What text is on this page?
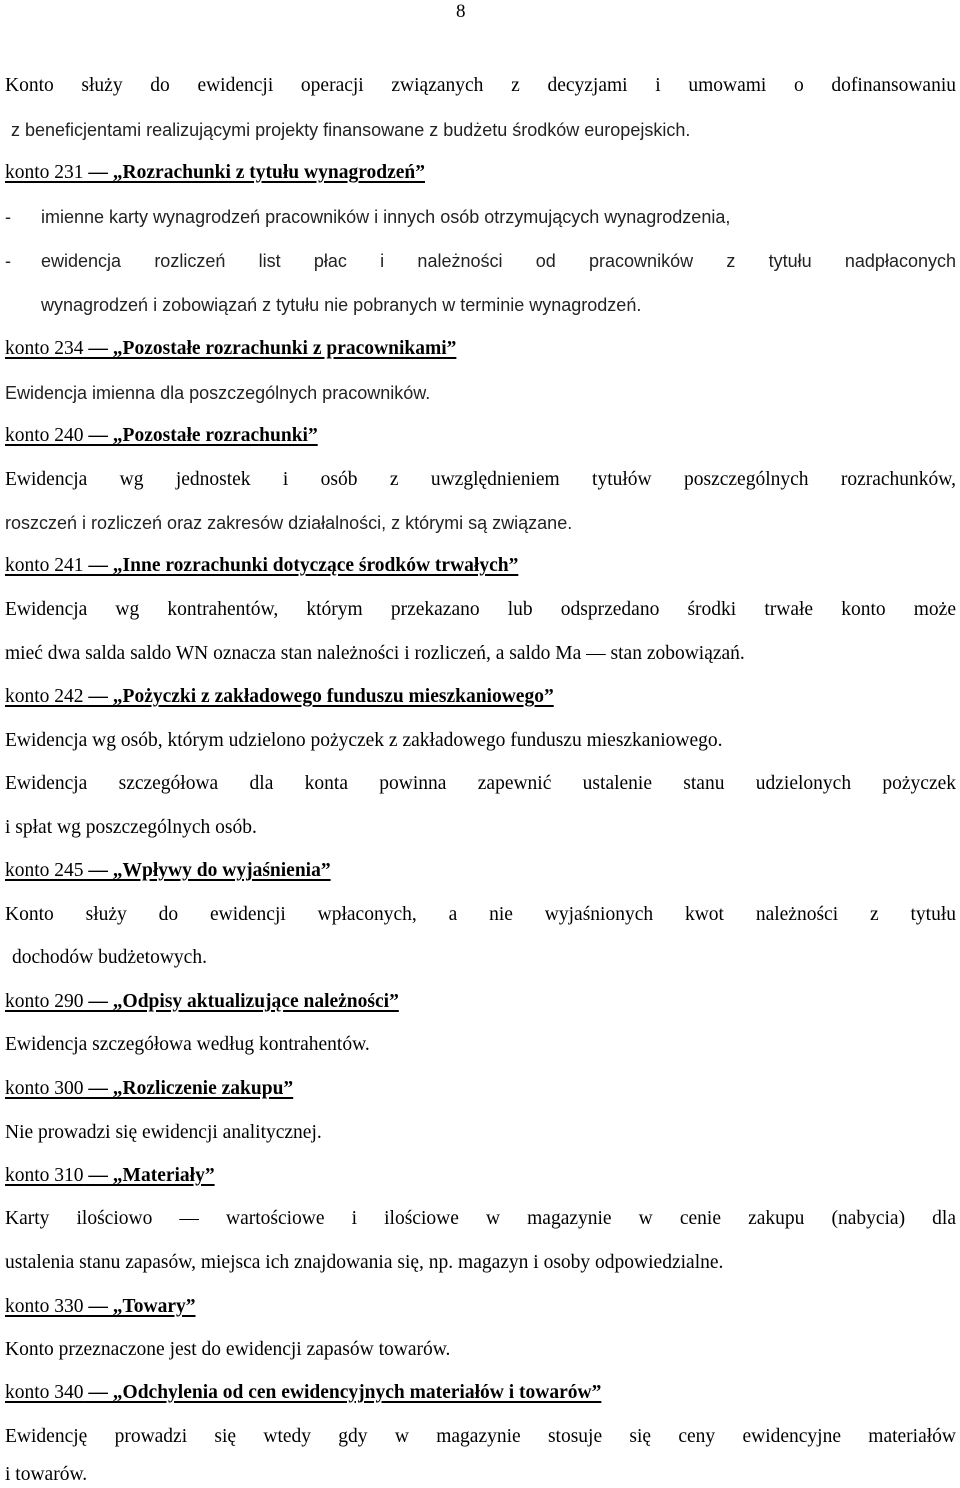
8
Konto służy do ewidencji operacji związanych z decyzjami i umowami o dofinansowaniu
z beneficjentami realizującymi projekty finansowane z budżetu środków europejskich.
konto 231 — „Rozrachunki z tytułu wynagrodzeń”
-	imienne karty wynagrodzeń pracowników i innych osób otrzymujących wynagrodzenia,
-	ewidencja rozliczeń list płac i należności od pracowników z tytułu nadpłaconych
wynagrodzeń i zobowiązań z tytułu nie pobranych w terminie wynagrodzeń.
konto 234 — „Pozostałe rozrachunki z pracownikami”
Ewidencja imienna dla poszczególnych pracowników.
konto 240 — „Pozostałe rozrachunki”
Ewidencja wg jednostek i osób z uwzględnieniem tytułów poszczególnych rozrachunków,
roszczeń i rozliczeń oraz zakresów działalności, z którymi są związane.
konto 241 — „Inne rozrachunki dotyczące środków trwałych”
Ewidencja wg kontrahentów, którym przekazano lub odsprzedano środki trwałe konto może
mieć dwa salda saldo WN oznacza stan należności i rozliczeń, a saldo Ma — stan zobowiązań.
konto 242 — „Pożyczki z zakładowego funduszu mieszkaniowego”
Ewidencja wg osób, którym udzielono pożyczek z zakładowego funduszu mieszkaniowego.
Ewidencja szczegółowa dla konta powinna zapewnić ustalenie stanu udzielonych pożyczek
i spłat wg poszczególnych osób.
konto 245 — „Wpływy do wyjaśnienia”
Konto służy do ewidencji wpłaconych, a nie wyjaśnionych kwot należności z tytułu
dochodów budżetowych.
konto 290 — „Odpisy aktualizujące należności”
Ewidencja szczegółowa według kontrahentów.
konto 300 — „Rozliczenie zakupu”
Nie prowadzi się ewidencji analitycznej.
konto 310 — „Materiały”
Karty ilościowo — wartościowe i ilościowe w magazynie w cenie zakupu (nabycia) dla
ustalenia stanu zapasów, miejsca ich znajdowania się, np. magazyn i osoby odpowiedzialne.
konto 330 — „Towary”
Konto przeznaczone jest do ewidencji zapasów towarów.
konto 340 — „Odchylenia od cen ewidencyjnych materiałów i towarów”
Ewidencję prowadzi się wtedy gdy w magazynie stosuje się ceny ewidencyjne materiałów
i towarów.
